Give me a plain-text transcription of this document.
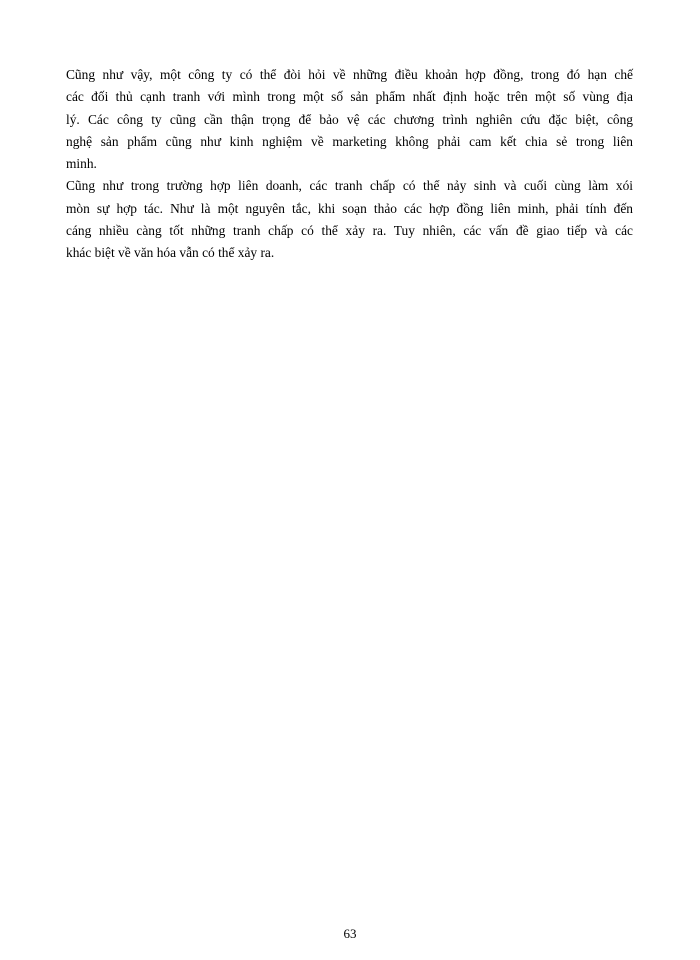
Cũng như vậy, một công ty có thể đòi hỏi về những điều khoản hợp đồng, trong đó hạn chế
các đối thủ cạnh tranh với mình trong một số sản phẩm nhất định hoặc trên một số vùng địa
lý. Các công ty cũng cần thận trọng để bảo vệ các chương trình nghiên cứu đặc biệt, công
nghệ sản phẩm cũng như kinh nghiệm về marketing không phải cam kết chia sẻ trong liên
minh.
Cũng như trong trường hợp liên doanh, các tranh chấp có thể nảy sinh và cuối cùng làm xói
mòn sự hợp tác. Như là một nguyên tắc, khi soạn thảo các hợp đồng liên minh, phải tính đến
cáng nhiều càng tốt những tranh chấp có thể xảy ra. Tuy nhiên, các vấn đề giao tiếp và các
khác biệt về văn hóa vẫn có thể xảy ra.
63
